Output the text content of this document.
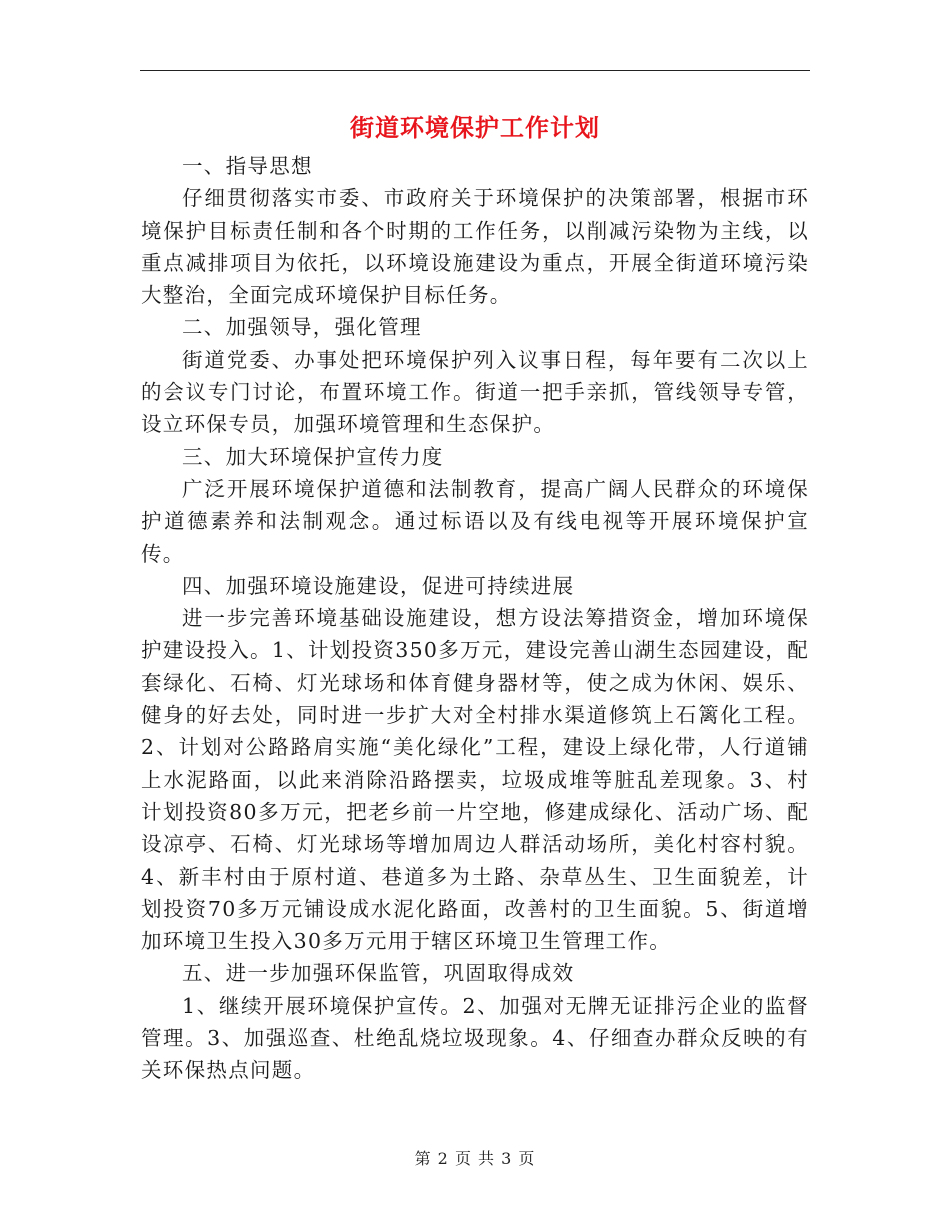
街道环境保护工作计划

一、指导思想

仔细贯彻落实市委、市政府关于环境保护的决策部署，根据市环境保护目标责任制和各个时期的工作任务，以削减污染物为主线，以重点减排项目为依托，以环境设施建设为重点，开展全街道环境污染大整治，全面完成环境保护目标任务。

二、加强领导，强化管理

街道党委、办事处把环境保护列入议事日程，每年要有二次以上的会议专门讨论，布置环境工作。街道一把手亲抓，管线领导专管，设立环保专员，加强环境管理和生态保护。

三、加大环境保护宣传力度

广泛开展环境保护道德和法制教育，提高广阔人民群众的环境保护道德素养和法制观念。通过标语以及有线电视等开展环境保护宣传。

四、加强环境设施建设，促进可持续进展

进一步完善环境基础设施建设，想方设法筹措资金，增加环境保护建设投入。1、计划投资350多万元，建设完善山湖生态园建设，配套绿化、石椅、灯光球场和体育健身器材等，使之成为休闲、娱乐、健身的好去处，同时进一步扩大对全村排水渠道修筑上石篱化工程。2、计划对公路路肩实施“美化绿化”工程，建设上绿化带，人行道铺上水泥路面，以此来消除沿路摆卖，垃圾成堆等脏乱差现象。3、村计划投资80多万元，把老乡前一片空地，修建成绿化、活动广场、配设凉亭、石椅、灯光球场等增加周边人群活动场所，美化村容村貌。4、新丰村由于原村道、巷道多为土路、杂草丛生、卫生面貌差，计划投资70多万元铺设成水泥化路面，改善村的卫生面貌。5、街道增加环境卫生投入30多万元用于辖区环境卫生管理工作。

五、进一步加强环保监管，巩固取得成效

1、继续开展环境保护宣传。2、加强对无牌无证排污企业的监督管理。3、加强巡查、杜绝乱烧垃圾现象。4、仔细查办群众反映的有关环保热点问题。

第 2 页 共 3 页
